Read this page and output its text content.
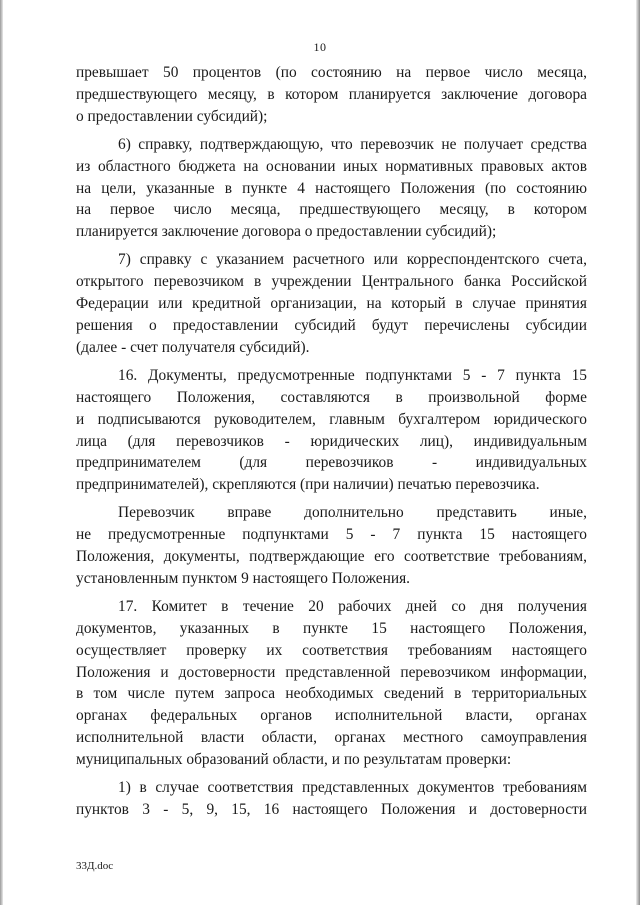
10

превышает 50 процентов (по состоянию на первое число месяца,

предшествующего месяцу, в котором планируется заключение договора

о предоставлении субсидий);

6) справку, подтверждающую, что перевозчик не получает средства

из областного бюджета на основании иных нормативных правовых актов

на цели, указанные в пункте 4 настоящего Положения (по состоянию

на первое число месяца, предшествующего месяцу, в котором

планируется заключение договора о предоставлении субсидий);

7) справку с указанием расчетного или корреспондентского счета,

открытого перевозчиком в учреждении Центрального банка Российской

Федерации или кредитной организации, на который в случае принятия

решения о предоставлении субсидий будут перечислены субсидии

(далее - счет получателя субсидий).

16. Документы, предусмотренные подпунктами 5 - 7 пункта 15

настоящего Положения, составляются в произвольной форме

и подписываются руководителем, главным бухгалтером юридического

лица (для перевозчиков - юридических лиц), индивидуальным

предпринимателем (для перевозчиков - индивидуальных

предпринимателей), скрепляются (при наличии) печатью перевозчика.

Перевозчик вправе дополнительно представить иные,

не предусмотренные подпунктами 5 - 7 пункта 15 настоящего

Положения, документы, подтверждающие его соответствие требованиям,

установленным пунктом 9 настоящего Положения.

17. Комитет в течение 20 рабочих дней со дня получения

документов, указанных в пункте 15 настоящего Положения,

осуществляет проверку их соответствия требованиям настоящего

Положения и достоверности представленной перевозчиком информации,

в том числе путем запроса необходимых сведений в территориальных

органах федеральных органов исполнительной власти, органах

исполнительной власти области, органах местного самоуправления

муниципальных образований области, и по результатам проверки:

1) в случае соответствия представленных документов требованиям

пунктов 3 - 5, 9, 15, 16 настоящего Положения и достоверности

33Д.doc
